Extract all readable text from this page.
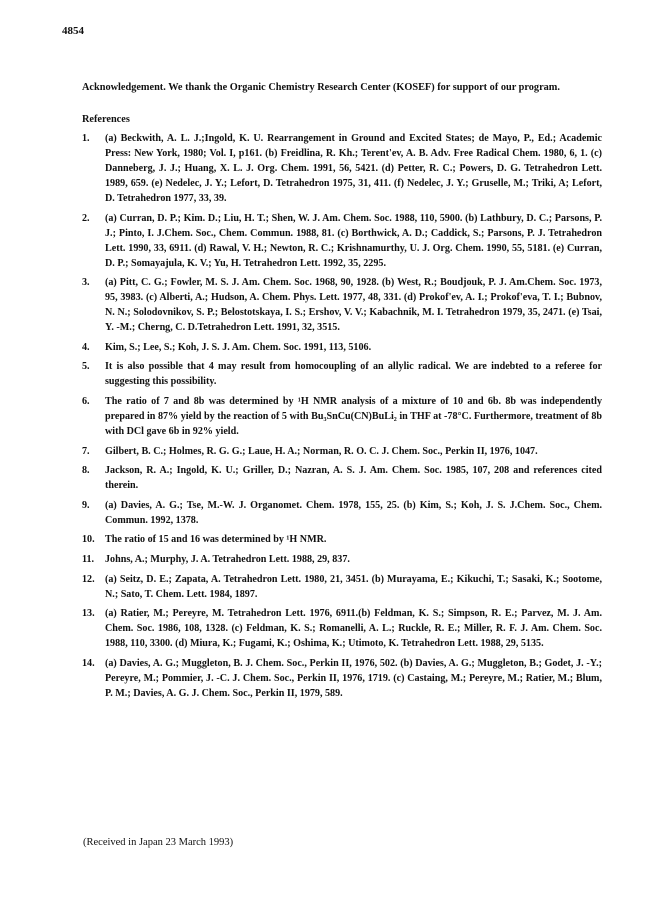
4854
Acknowledgement. We thank the Organic Chemistry Research Center (KOSEF) for support of our program.
References
1.	(a) Beckwith, A. L. J.;Ingold, K. U. Rearrangement in Ground and Excited States; de Mayo, P., Ed.; Academic Press: New York, 1980; Vol. I, p161. (b) Freidlina, R. Kh.; Terent'ev, A. B. Adv. Free Radical Chem. 1980, 6, 1. (c) Danneberg, J. J.; Huang, X. L. J. Org. Chem. 1991, 56, 5421. (d) Petter, R. C.; Powers, D. G. Tetrahedron Lett. 1989, 659. (e) Nedelec, J. Y.; Lefort, D. Tetrahedron 1975, 31, 411. (f) Nedelec, J. Y.; Gruselle, M.; Triki, A; Lefort, D. Tetrahedron 1977, 33, 39.
2.	(a) Curran, D. P.; Kim. D.; Liu, H. T.; Shen, W. J. Am. Chem. Soc. 1988, 110, 5900. (b) Lathbury, D. C.; Parsons, P. J.; Pinto, I. J.Chem. Soc., Chem. Commun. 1988, 81. (c) Borthwick, A. D.; Caddick, S.; Parsons, P. J. Tetrahedron Lett. 1990, 33, 6911. (d) Rawal, V. H.; Newton, R. C.; Krishnamurthy, U. J. Org. Chem. 1990, 55, 5181. (e) Curran, D. P.; Somayajula, K. V.; Yu, H. Tetrahedron Lett. 1992, 35, 2295.
3.	(a) Pitt, C. G.; Fowler, M. S. J. Am. Chem. Soc. 1968, 90, 1928. (b) West, R.; Boudjouk, P. J. Am.Chem. Soc. 1973, 95, 3983. (c) Alberti, A.; Hudson, A. Chem. Phys. Lett. 1977, 48, 331. (d) Prokof'ev, A. I.; Prokof'eva, T. I.; Bubnov, N. N.; Solodovnikov, S. P.; Belostotskaya, I. S.; Ershov, V. V.; Kabachnik, M. I. Tetrahedron 1979, 35, 2471. (e) Tsai, Y. -M.; Cherng, C. D.Tetrahedron Lett. 1991, 32, 3515.
4.	Kim, S.; Lee, S.; Koh, J. S. J. Am. Chem. Soc. 1991, 113, 5106.
5.	It is also possible that 4 may result from homocoupling of an allylic radical. We are indebted to a referee for suggesting this possibility.
6.	The ratio of 7 and 8b was determined by ¹H NMR analysis of a mixture of 10 and 6b. 8b was independently prepared in 87% yield by the reaction of 5 with Bu₃SnCu(CN)BuLi₂ in THF at -78°C. Furthermore, treatment of 8b with DCl gave 6b in 92% yield.
7.	Gilbert, B. C.; Holmes, R. G. G.; Laue, H. A.; Norman, R. O. C. J. Chem. Soc., Perkin II, 1976, 1047.
8.	Jackson, R. A.; Ingold, K. U.; Griller, D.; Nazran, A. S. J. Am. Chem. Soc. 1985, 107, 208 and references cited therein.
9.	(a) Davies, A. G.; Tse, M.-W. J. Organomet. Chem. 1978, 155, 25. (b) Kim, S.; Koh, J. S. J.Chem. Soc., Chem. Commun. 1992, 1378.
10.	The ratio of 15 and 16 was determined by ¹H NMR.
11.	Johns, A.; Murphy, J. A. Tetrahedron Lett. 1988, 29, 837.
12.	(a) Seitz, D. E.; Zapata, A. Tetrahedron Lett. 1980, 21, 3451. (b) Murayama, E.; Kikuchi, T.; Sasaki, K.; Sootome, N.; Sato, T. Chem. Lett. 1984, 1897.
13.	(a) Ratier, M.; Pereyre, M. Tetrahedron Lett. 1976, 6911.(b) Feldman, K. S.; Simpson, R. E.; Parvez, M. J. Am. Chem. Soc. 1986, 108, 1328. (c) Feldman, K. S.; Romanelli, A. L.; Ruckle, R. E.; Miller, R. F. J. Am. Chem. Soc. 1988, 110, 3300. (d) Miura, K.; Fugami, K.; Oshima, K.; Utimoto, K. Tetrahedron Lett. 1988, 29, 5135.
14.	(a) Davies, A. G.; Muggleton, B. J. Chem. Soc., Perkin II, 1976, 502. (b) Davies, A. G.; Muggleton, B.; Godet, J. -Y.; Pereyre, M.; Pommier, J. -C. J. Chem. Soc., Perkin II, 1976, 1719. (c) Castaing, M.; Pereyre, M.; Ratier, M.; Blum, P. M.; Davies, A. G. J. Chem. Soc., Perkin II, 1979, 589.
(Received in Japan 23 March 1993)
